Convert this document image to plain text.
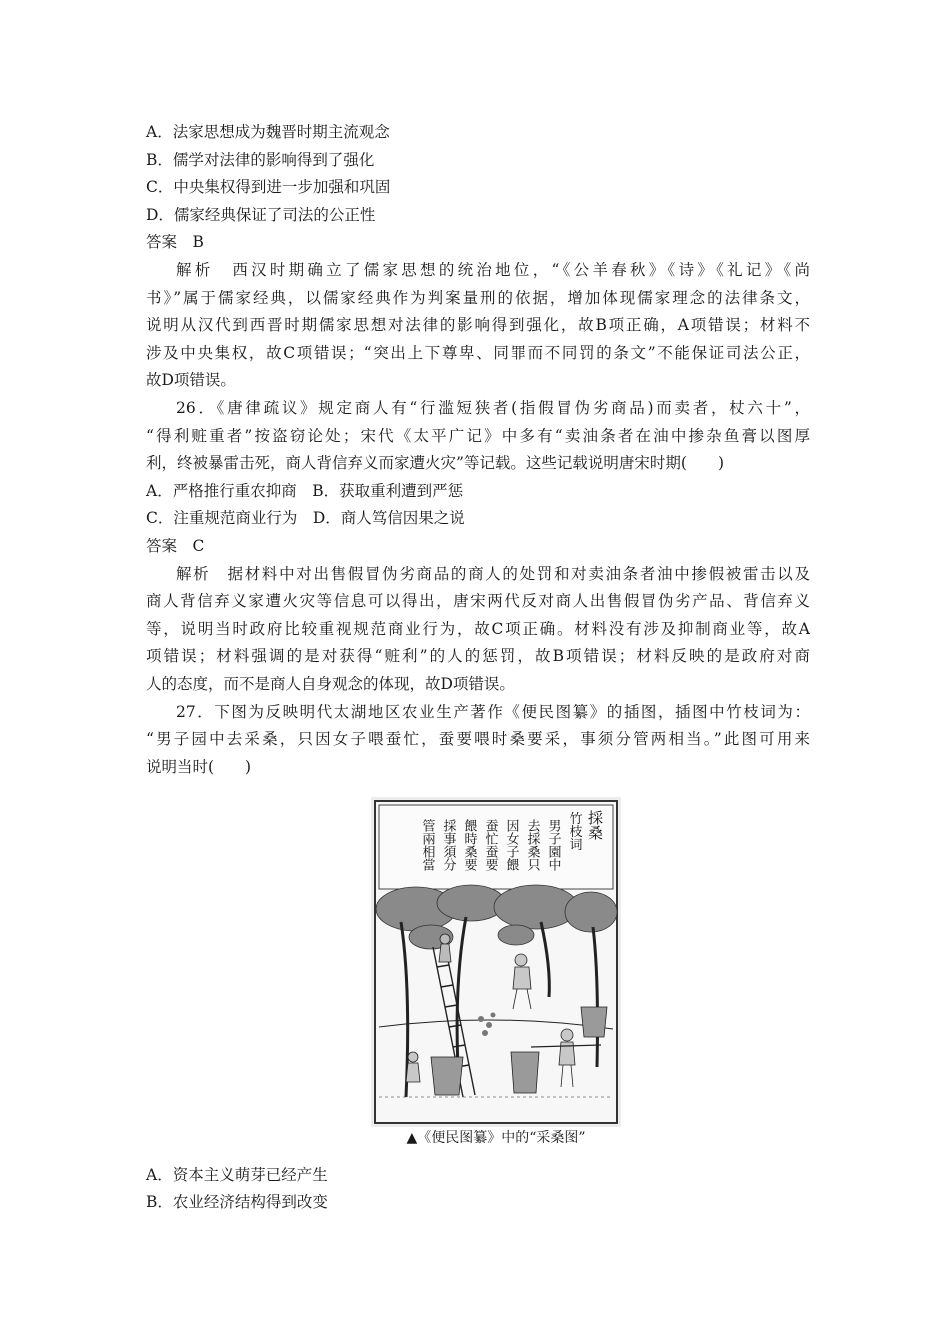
A．法家思想成为魏晋时期主流观念
B．儒学对法律的影响得到了强化
C．中央集权得到进一步加强和巩固
D．儒家经典保证了司法的公正性
答案　B
解析　西汉时期确立了儒家思想的统治地位，“《公羊春秋》《诗》《礼记》《尚
书》”属于儒家经典，以儒家经典作为判案量刑的依据，增加体现儒家理念的法律条文，
说明从汉代到西晋时期儒家思想对法律的影响得到强化，故B项正确，A项错误；材料不
涉及中央集权，故C项错误；“突出上下尊卑、同罪而不同罚的条文”不能保证司法公正，
故D项错误。
26．《唐律疏议》规定商人有“行滥短狭者(指假冒伪劣商品)而卖者，杖六十”，
“得利赃重者”按盗窃论处；宋代《太平广记》中多有“卖油条者在油中掺杂鱼膏以图厚
利，终被暴雷击死，商人背信弃义而家遭火灾”等记载。这些记载说明唐宋时期(　　)
A．严格推行重农抑商　B．获取重利遭到严惩
C．注重规范商业行为　D．商人笃信因果之说
答案　C
解析　据材料中对出售假冒伪劣商品的商人的处罚和对卖油条者油中掺假被雷击以及
商人背信弃义家遭火灾等信息可以得出，唐宋两代反对商人出售假冒伪劣产品、背信弃义
等，说明当时政府比较重视规范商业行为，故C项正确。材料没有涉及抑制商业等，故A
项错误；材料强调的是对获得“赃利”的人的惩罚，故B项错误；材料反映的是政府对商
人的态度，而不是商人自身观念的体现，故D项错误。
27．下图为反映明代太湖地区农业生产著作《便民图纂》的插图，插图中竹枝词为：
“男子园中去采桑，只因女子喂蚕忙，蚕要喂时桑要采，事须分管两相当。”此图可用来
说明当时(　　)
採桑
竹枝词
男子園中
去採桑只
因女子餵
蚕忙蚕要
餵時桑要
採事須分
管兩相當
▲《便民图纂》中的“采桑图”
A．资本主义萌芽已经产生
B．农业经济结构得到改变
